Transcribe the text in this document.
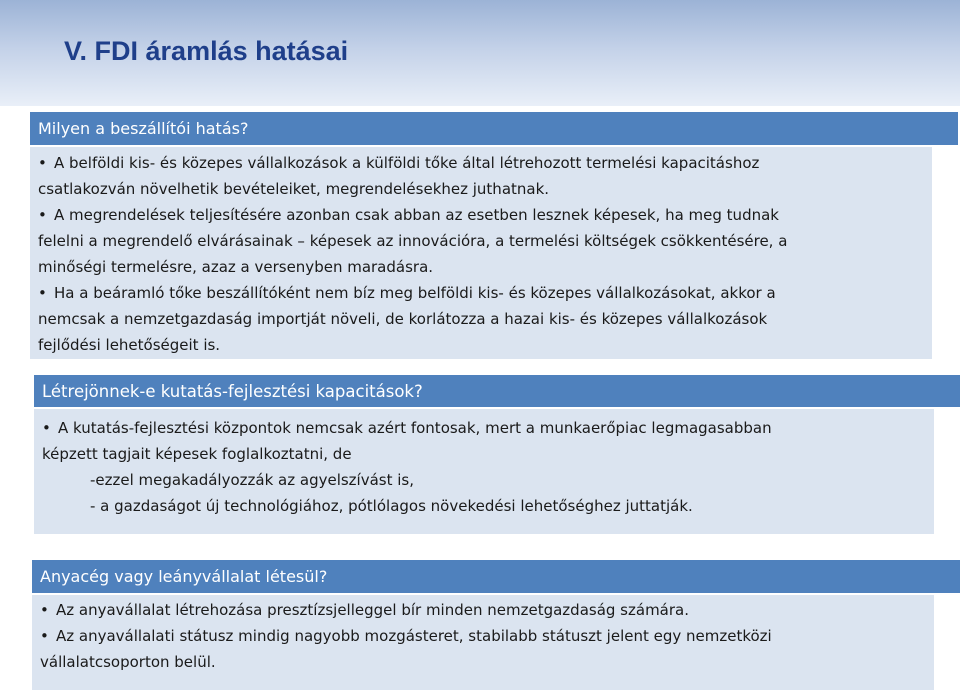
V. FDI áramlás hatásai
Milyen a beszállítói hatás?

• A belföldi kis- és közepes vállalkozások a külföldi tőke által létrehozott termelési kapacitáshoz

csatlakozván növelhetik bevételeiket, megrendelésekhez juthatnak.

• A megrendelések teljesítésére azonban csak abban az esetben lesznek képesek, ha meg tudnak

felelni a megrendelő elvárásainak – képesek az innovációra, a termelési költségek csökkentésére, a

minőségi termelésre, azaz a versenyben maradásra.

• Ha a beáramló tőke beszállítóként nem bíz meg belföldi kis- és közepes vállalkozásokat, akkor a

nemcsak a nemzetgazdaság importját növeli, de korlátozza a hazai kis- és közepes vállalkozások

fejlődési lehetőségeit is.

Létrejönnek-e kutatás-fejlesztési kapacitások?

• A kutatás-fejlesztési központok nemcsak azért fontosak, mert a munkaerőpiac legmagasabban

képzett tagjait képesek foglalkoztatni, de

-ezzel megakadályozzák az agyelszívást is,

- a gazdaságot új technológiához, pótlólagos növekedési lehetőséghez juttatják.

Anyacég vagy leányvállalat létesül?

• Az anyavállalat létrehozása presztízsjelleggel bír minden nemzetgazdaság számára.

• Az anyavállalati státusz mindig nagyobb mozgásteret, stabilabb státuszt jelent egy nemzetközi

vállalatcsoporton belül.
